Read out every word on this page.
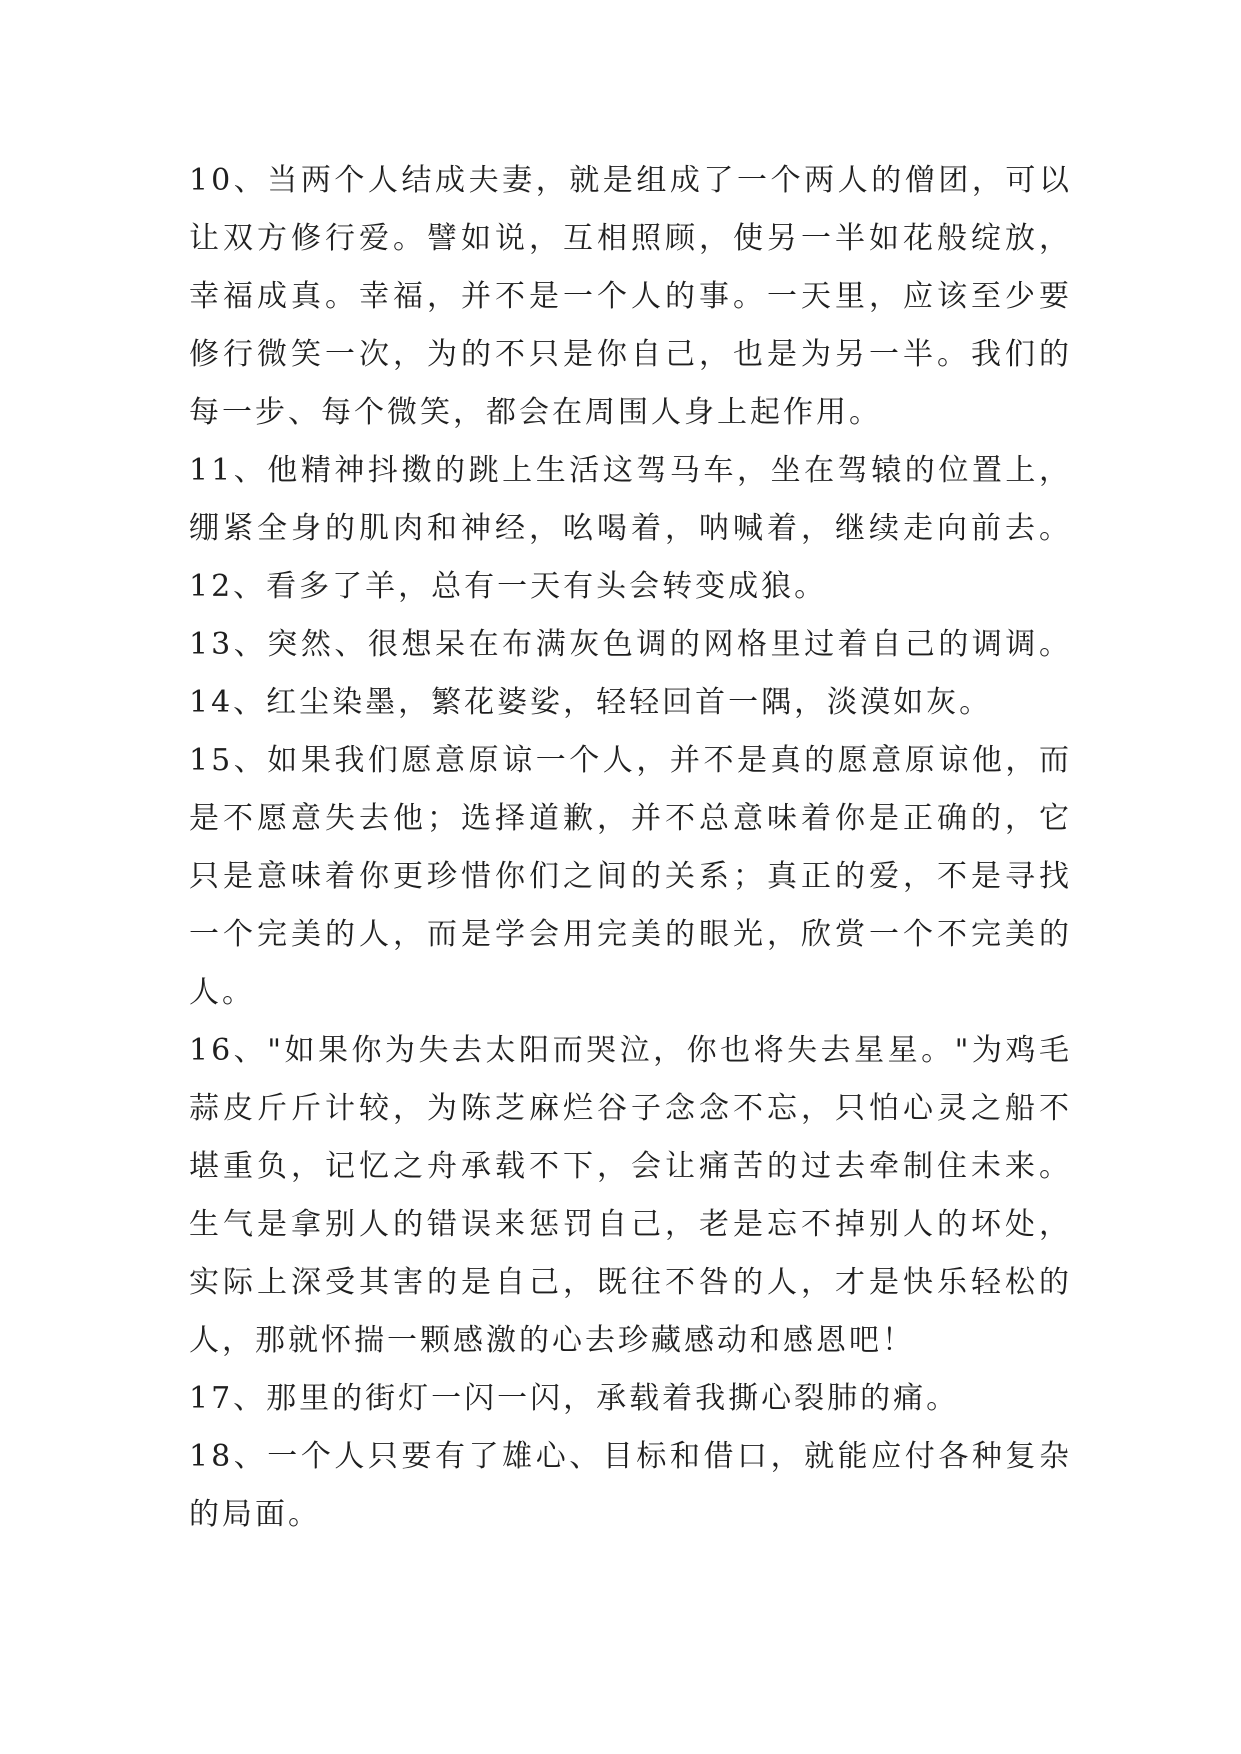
10、当两个人结成夫妻，就是组成了一个两人的僧团，可以
让双方修行爱。譬如说，互相照顾，使另一半如花般绽放，
幸福成真。幸福，并不是一个人的事。一天里，应该至少要
修行微笑一次，为的不只是你自己，也是为另一半。我们的
每一步、每个微笑，都会在周围人身上起作用。
11、他精神抖擞的跳上生活这驾马车，坐在驾辕的位置上，
绷紧全身的肌肉和神经，吆喝着，呐喊着，继续走向前去。
12、看多了羊，总有一天有头会转变成狼。
13、突然、很想呆在布满灰色调的网格里过着自己的调调。
14、红尘染墨，繁花婆娑，轻轻回首一隅，淡漠如灰。
15、如果我们愿意原谅一个人，并不是真的愿意原谅他，而
是不愿意失去他；选择道歉，并不总意味着你是正确的，它
只是意味着你更珍惜你们之间的关系；真正的爱，不是寻找
一个完美的人，而是学会用完美的眼光，欣赏一个不完美的
人。
16、"如果你为失去太阳而哭泣，你也将失去星星。"为鸡毛
蒜皮斤斤计较，为陈芝麻烂谷子念念不忘，只怕心灵之船不
堪重负，记忆之舟承载不下，会让痛苦的过去牵制住未来。
生气是拿别人的错误来惩罚自己，老是忘不掉别人的坏处，
实际上深受其害的是自己，既往不咎的人，才是快乐轻松的
人，那就怀揣一颗感激的心去珍藏感动和感恩吧！
17、那里的街灯一闪一闪，承载着我撕心裂肺的痛。
18、一个人只要有了雄心、目标和借口，就能应付各种复杂
的局面。
